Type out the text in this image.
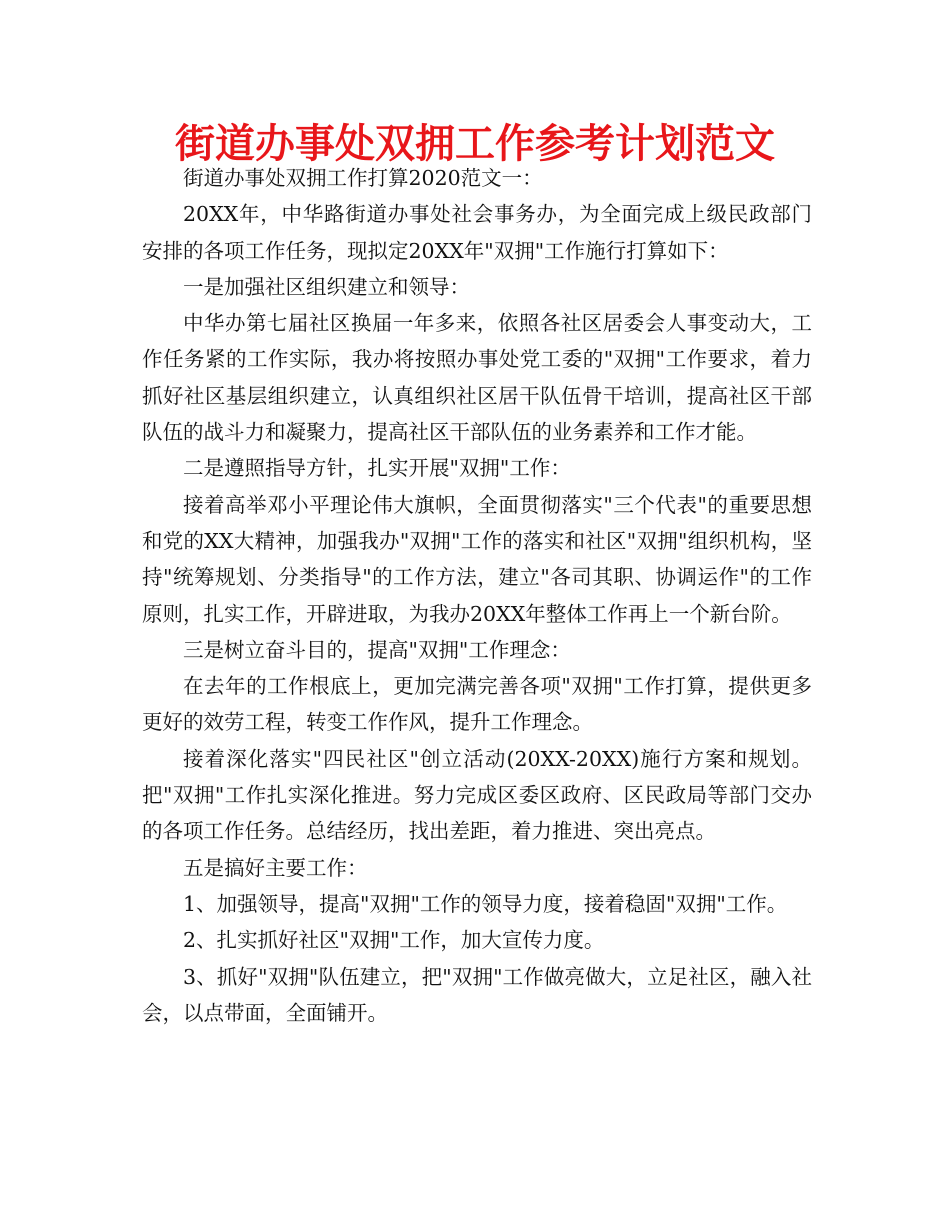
街道办事处双拥工作参考计划范文

街道办事处双拥工作打算2020范文一：

20XX年，中华路街道办事处社会事务办，为全面完成上级民政部门安排的各项工作任务，现拟定20XX年"双拥"工作施行打算如下：

一是加强社区组织建立和领导：

中华办第七届社区换届一年多来，依照各社区居委会人事变动大，工作任务紧的工作实际，我办将按照办事处党工委的"双拥"工作要求，着力抓好社区基层组织建立，认真组织社区居干队伍骨干培训，提高社区干部队伍的战斗力和凝聚力，提高社区干部队伍的业务素养和工作才能。

二是遵照指导方针，扎实开展"双拥"工作：

接着高举邓小平理论伟大旗帜，全面贯彻落实"三个代表"的重要思想和党的XX大精神，加强我办"双拥"工作的落实和社区"双拥"组织机构，坚持"统筹规划、分类指导"的工作方法，建立"各司其职、协调运作"的工作原则，扎实工作，开辟进取，为我办20XX年整体工作再上一个新台阶。

三是树立奋斗目的，提高"双拥"工作理念：

在去年的工作根底上，更加完满完善各项"双拥"工作打算，提供更多更好的效劳工程，转变工作作风，提升工作理念。

接着深化落实"四民社区"创立活动(20XX-20XX)施行方案和规划。把"双拥"工作扎实深化推进。努力完成区委区政府、区民政局等部门交办的各项工作任务。总结经历，找出差距，着力推进、突出亮点。

五是搞好主要工作：

1、加强领导，提高"双拥"工作的领导力度，接着稳固"双拥"工作。

2、扎实抓好社区"双拥"工作，加大宣传力度。

3、抓好"双拥"队伍建立，把"双拥"工作做亮做大，立足社区，融入社会，以点带面，全面铺开。
